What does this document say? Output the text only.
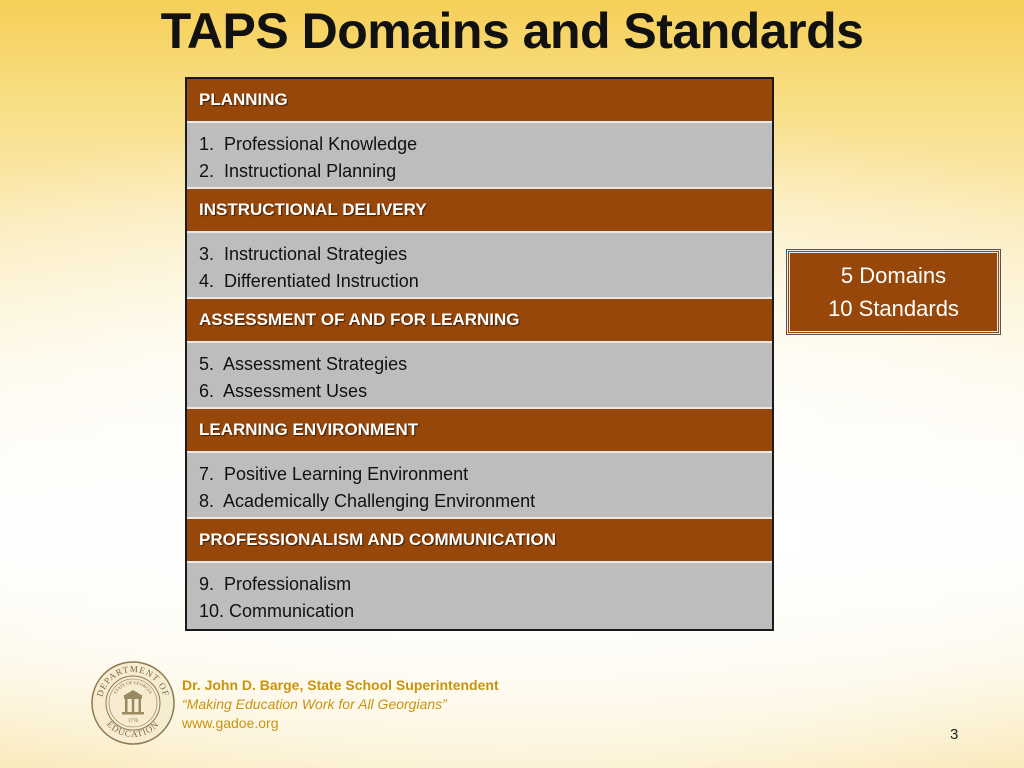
TAPS Domains and Standards
PLANNING
1.  Professional Knowledge
2.  Instructional Planning
INSTRUCTIONAL DELIVERY
3.  Instructional Strategies
4.  Differentiated Instruction
ASSESSMENT OF AND FOR LEARNING
5.  Assessment Strategies
6.  Assessment Uses
LEARNING ENVIRONMENT
7.  Positive Learning Environment
8.  Academically Challenging Environment
PROFESSIONALISM AND COMMUNICATION
9.  Professionalism
10. Communication
5 Domains
10 Standards
DEPARTMENT OF
EDUCATION
STATE OF GEORGIA
1776
Dr. John D. Barge, State School Superintendent
“Making Education Work for All Georgians”
www.gadoe.org
3
